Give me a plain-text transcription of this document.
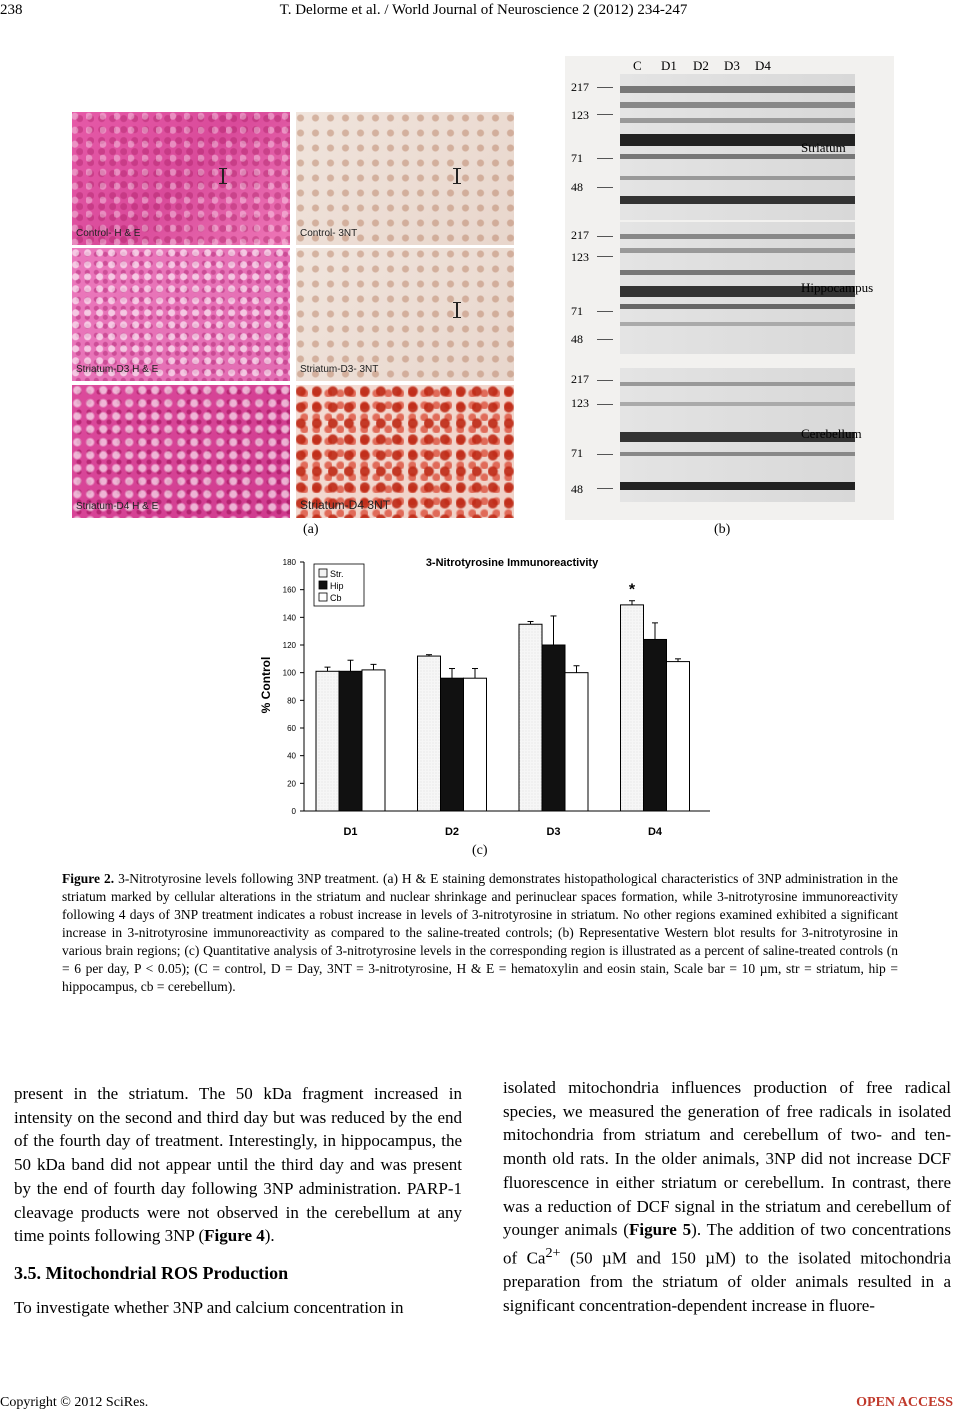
238	T. Delorme et al. / World Journal of Neuroscience 2 (2012) 234-247
Control- H & E	Control- 3NT
Striatum-D3 H & E	Striatum-D3- 3NT
Striatum-D4 H & E	Striatum-D4 3NT
(a)
C D1 D2 D3 D4
217
123
71
48
Striatum
217
123
71
48
Hippocampus
217
123
71
48
Cerebellum
(b)
3-Nitrotyrosine Immunoreactivity
% Control
0
20
40
60
80
100
120
140
160
180
D1	D2	D3	D4
*
Str.
Hip
Cb
(c)
Figure 2. 3-Nitrotyrosine levels following 3NP treatment. (a) H & E staining demonstrates histopathological characteristics of 3NP administration in the striatum marked by cellular alterations in the striatum and nuclear shrinkage and perinuclear spaces formation, while 3-nitrotyrosine immunoreactivity following 4 days of 3NP treatment indicates a robust increase in levels of 3-nitrotyrosine in striatum. No other regions examined exhibited a significant increase in 3-nitrotyrosine immunoreactivity as compared to the saline-treated controls; (b) Representative Western blot results for 3-nitrotyrosine in various brain regions; (c) Quantitative analysis of 3-nitrotyrosine levels in the corresponding region is illustrated as a percent of saline-treated controls (n = 6 per day, P < 0.05); (C = control, D = Day, 3NT = 3-nitrotyrosine, H & E = hematoxylin and eosin stain, Scale bar = 10 µm, str = striatum, hip = hippocampus, cb = cerebellum).

present in the striatum. The 50 kDa fragment increased in intensity on the second and third day but was reduced by the end of the fourth day of treatment. Interestingly, in hippocampus, the 50 kDa band did not appear until the third day and was present by the end of fourth day following 3NP administration. PARP-1 cleavage products were not observed in the cerebellum at any time points following 3NP (Figure 4).

3.5. Mitochondrial ROS Production

To investigate whether 3NP and calcium concentration in

isolated mitochondria influences production of free radical species, we measured the generation of free radicals in isolated mitochondria from striatum and cerebellum of two- and ten-month old rats. In the older animals, 3NP did not increase DCF fluorescence in either striatum or cerebellum. In contrast, there was a reduction of DCF signal in the striatum and cerebellum of younger animals (Figure 5). The addition of two concentrations of $Ca^{2+}$ (50 µM and 150 µM) to the isolated mitochondria preparation from the striatum of older animals resulted in a significant concentration-dependent increase in fluore-

Copyright © 2012 SciRes.	OPEN ACCESS
